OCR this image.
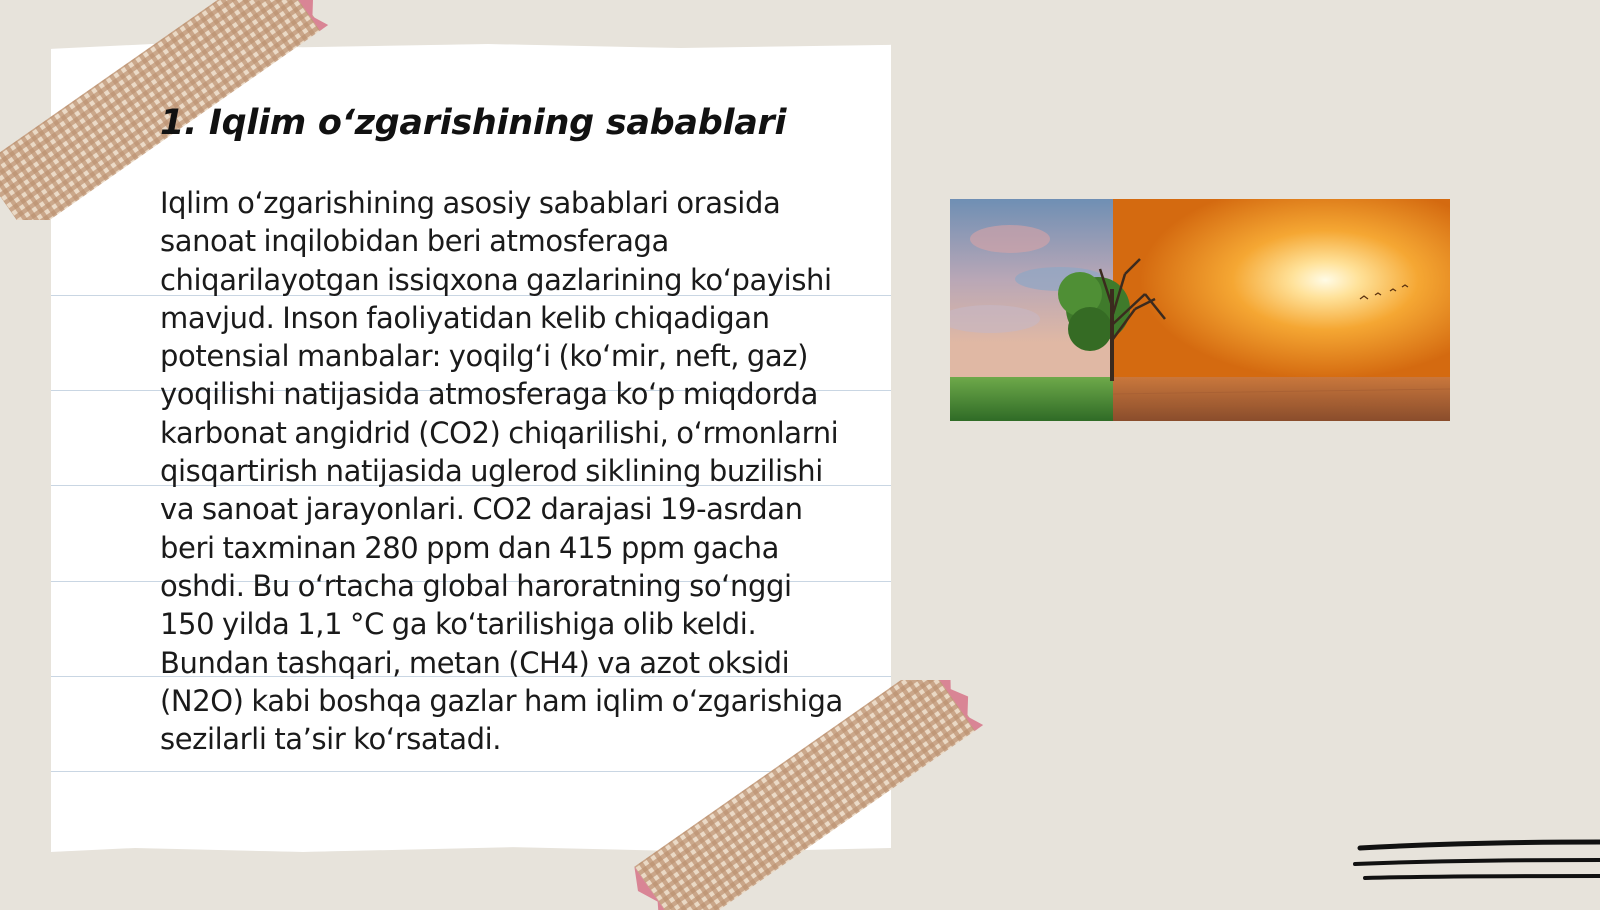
1. Iqlim o‘zgarishining sabablari

Iqlim o‘zgarishining asosiy sabablari orasida sanoat inqilobidan beri atmosferaga chiqarilayotgan issiqxona gazlarining ko‘payishi mavjud. Inson faoliyatidan kelib chiqadigan potensial manbalar: yoqilg‘i (ko‘mir, neft, gaz) yoqilishi natijasida atmosferaga ko‘p miqdorda karbonat angidrid (CO2) chiqarilishi, o‘rmonlarni qisqartirish natijasida uglerod siklining buzilishi va sanoat jarayonlari. CO2 darajasi 19-asrdan beri taxminan 280 ppm dan 415 ppm gacha oshdi. Bu o‘rtacha global haroratning so‘nggi 150 yilda 1,1 °C ga ko‘tarilishiga olib keldi. Bundan tashqari, metan (CH4) va azot oksidi (N2O) kabi boshqa gazlar ham iqlim o‘zgarishiga sezilarli ta’sir ko‘rsatadi.
